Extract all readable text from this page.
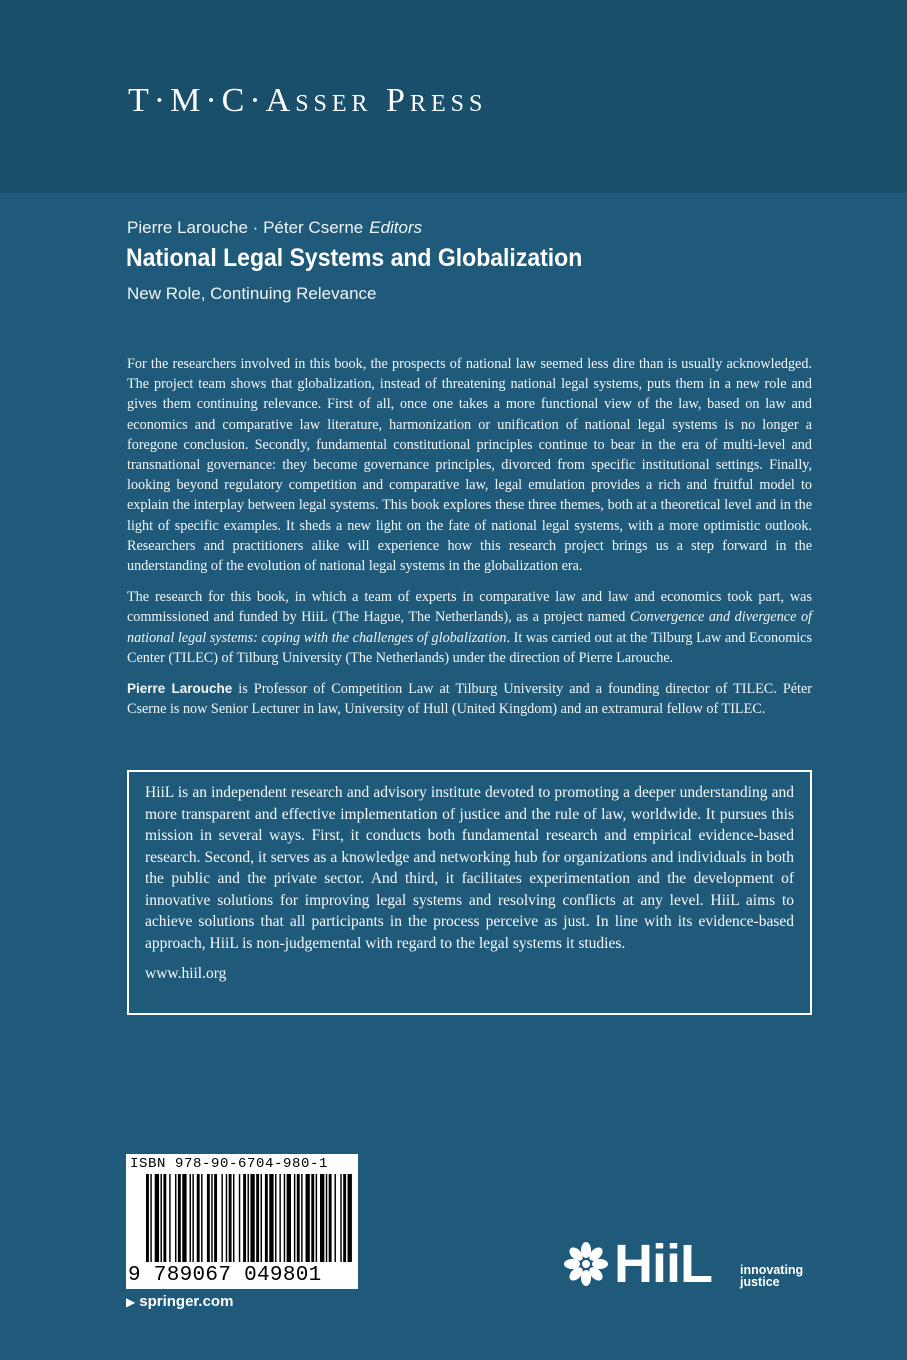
T·M·C·Asser Press
Pierre Larouche · Péter Cserne Editors
National Legal Systems and Globalization
New Role, Continuing Relevance

For the researchers involved in this book, the prospects of national law seemed less dire than is usually acknowledged. The project team shows that globalization, instead of threatening national legal systems, puts them in a new role and gives them continuing relevance. First of all, once one takes a more functional view of the law, based on law and economics and comparative law literature, harmonization or unification of national legal systems is no longer a foregone conclusion. Secondly, fundamental constitutional principles continue to bear in the era of multi-level and transnational governance: they become governance principles, divorced from specific institutional settings. Finally, looking beyond regulatory competition and comparative law, legal emulation provides a rich and fruitful model to explain the interplay between legal systems. This book explores these three themes, both at a theoretical level and in the light of specific examples. It sheds a new light on the fate of national legal systems, with a more optimistic outlook. Researchers and practitioners alike will experience how this research project brings us a step forward in the understanding of the evolution of national legal systems in the globalization era.

The research for this book, in which a team of experts in comparative law and law and economics took part, was commissioned and funded by HiiL (The Hague, The Netherlands), as a project named Convergence and divergence of national legal systems: coping with the challenges of globalization. It was carried out at the Tilburg Law and Economics Center (TILEC) of Tilburg University (The Netherlands) under the direction of Pierre Larouche.

Pierre Larouche is Professor of Competition Law at Tilburg University and a founding director of TILEC. Péter Cserne is now Senior Lecturer in law, University of Hull (United Kingdom) and an extramural fellow of TILEC.

HiiL is an independent research and advisory institute devoted to promoting a deeper understanding and more transparent and effective implementation of justice and the rule of law, worldwide. It pursues this mission in several ways. First, it conducts both fundamental research and empirical evidence-based research. Second, it serves as a knowledge and networking hub for organizations and individuals in both the public and the private sector. And third, it facilitates experimentation and the development of innovative solutions for improving legal systems and resolving conflicts at any level. HiiL aims to achieve solutions that all participants in the process perceive as just. In line with its evidence-based approach, HiiL is non-judgemental with regard to the legal systems it studies.

www.hiil.org

ISBN 978-90-6704-980-1
9 789067 049801
▶ springer.com
HiiL innovating
justice
